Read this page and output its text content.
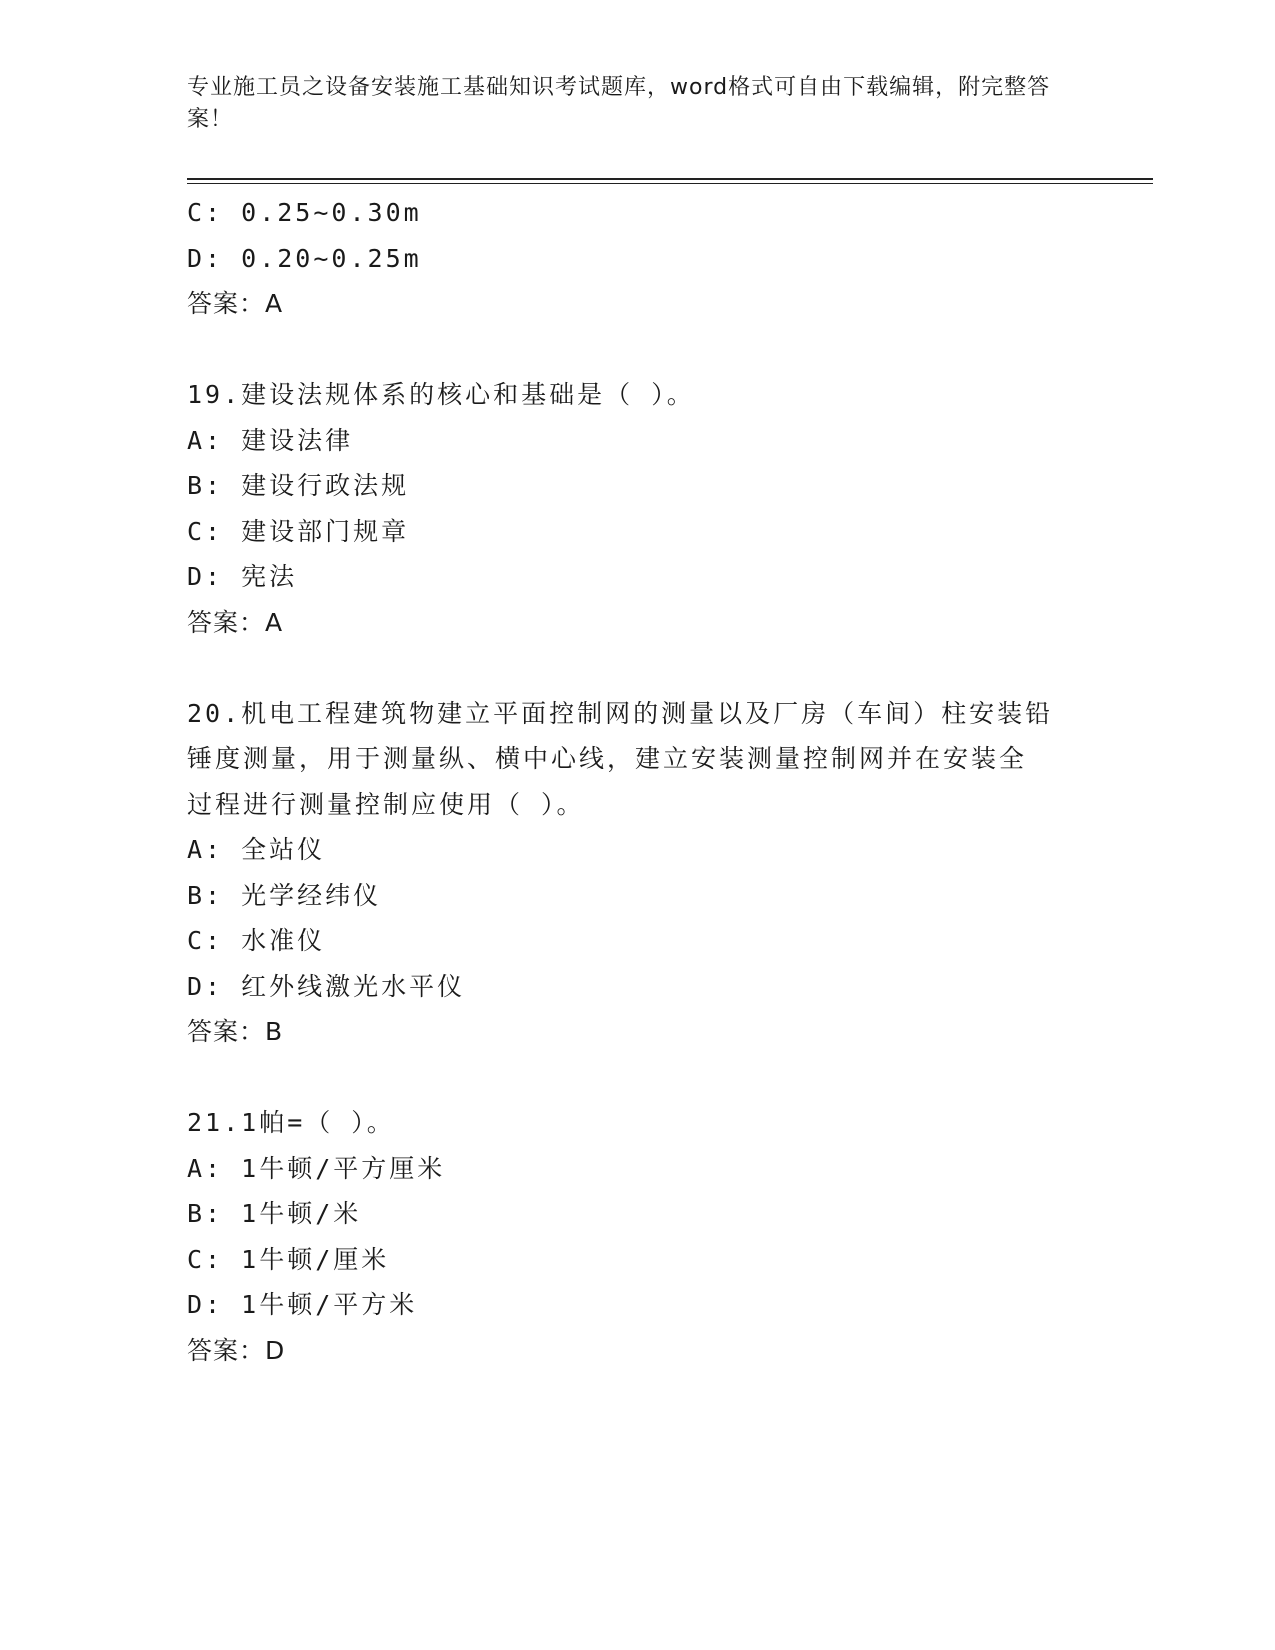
专业施工员之设备安装施工基础知识考试题库，word格式可自由下载编辑，附完整答案！
C: 0.25~0.30m
D: 0.20~0.25m
答案：A
19.建设法规体系的核心和基础是（ ）。
A: 建设法律
B: 建设行政法规
C: 建设部门规章
D: 宪法
答案：A
20.机电工程建筑物建立平面控制网的测量以及厂房（车间）柱安装铅
锤度测量，用于测量纵、横中心线，建立安装测量控制网并在安装全
过程进行测量控制应使用（ ）。
A: 全站仪
B: 光学经纬仪
C: 水准仪
D: 红外线激光水平仪
答案：B
21.1帕=（ ）。
A: 1牛顿/平方厘米
B: 1牛顿/米
C: 1牛顿/厘米
D: 1牛顿/平方米
答案：D
